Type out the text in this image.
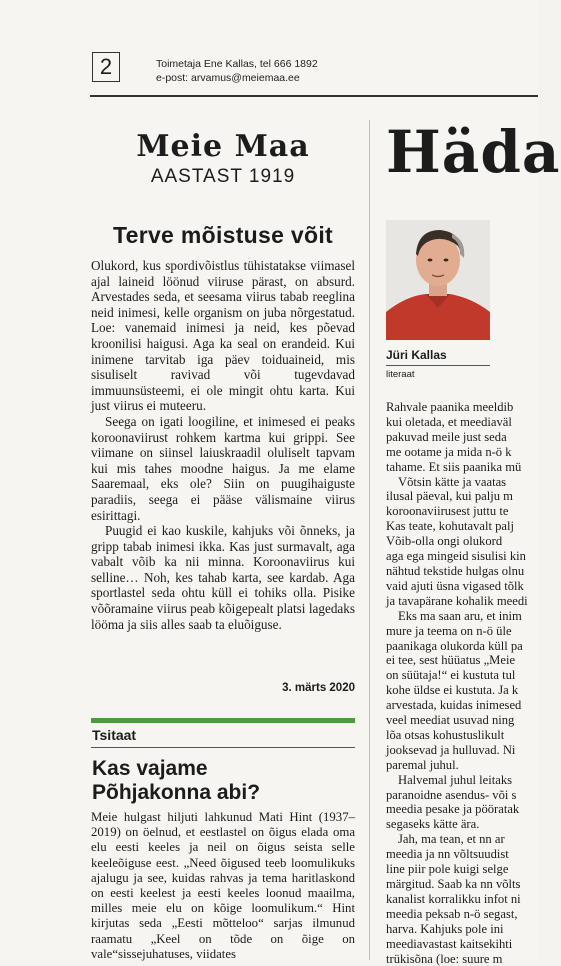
2	Toimetaja Ene Kallas, tel 666 1892
e-post: arvamus@meiemaa.ee
Meie Maa
AASTAST 1919
Terve mõistuse võit

Olukord, kus spordivõistlus tühistatakse viimasel ajal laineid löönud viiruse pärast, on absurd. Arvestades seda, et seesama viirus tabab reeglina neid inimesi, kelle organism on juba nõrgestatud. Loe: vanemaid inimesi ja neid, kes põevad kroonilisi haigusi. Aga ka seal on erandeid. Kui inimene tarvitab iga päev toiduaineid, mis sisuliselt ravivad või tugevdavad immuunsüsteemi, ei ole mingit ohtu karta. Kui just viirus ei muteeru.

Seega on igati loogiline, et inimesed ei peaks koroonaviirust rohkem kartma kui grippi. See viimane on siinsel laiuskraadil oluliselt tapvam kui mis tahes moodne haigus. Ja me elame Saaremaal, eks ole? Siin on puugihaiguste paradiis, seega ei pääse välismaine viirus esirittagi.

Puugid ei kao kuskile, kahjuks või õnneks, ja gripp tabab inimesi ikka. Kas just surmavalt, aga vabalt võib ka nii minna. Koroonaviirus kui selline… Noh, kes tahab karta, see kardab. Aga sportlastel seda ohtu küll ei tohiks olla. Pisike võõramaine viirus peab kõigepealt platsi lagedaks lööma ja siis alles saab ta eluõiguse.

3. märts 2020
Tsitaat
Kas vajame
Põhjakonna abi?

Meie hulgast hiljuti lahkunud Mati Hint (1937–2019) on öelnud, et eestlastel on õigus elada oma elu eesti keeles ja neil on õigus seista selle keeleõiguse eest. „Need õigused teeb loomulikuks ajalugu ja see, kuidas rahvas ja tema haritlaskond on eesti keelest ja eesti keeles loonud maailma, milles meie elu on kõige loomulikum.“ Hint kirjutas seda „Eesti mõtteloo“ sarjas ilmunud raamatu „Keel on tõde on õige on vale“sissejuhatuses, viidates

Häda
Jüri Kallas
literaat

Rahvale paanika meeldib

kui oletada, et meediaväl

pakuvad meile just seda

me ootame ja mida n-ö k

tahame. Et siis paanika mü

Võtsin kätte ja vaatas

ilusal päeval, kui palju m

koroonaviirusest juttu te

Kas teate, kohutavalt palj

Võib-olla ongi olukord

aga ega mingeid sisulisi kin

nähtud tekstide hulgas olnu

vaid ajuti üsna vigased tõlk

ja tavapärane kohalik meedi

Eks ma saan aru, et inim

mure ja teema on n-ö üle

paanikaga olukorda küll pa

ei tee, sest hüüatus „Meie

on süütaja!“ ei kustuta tul

kohe üldse ei kustuta. Ja k

arvestada, kuidas inimesed

veel meediat usuvad ning

lõa otsas kohustuslikult

jooksevad ja hulluvad. Ni

paremal juhul.

Halvemal juhul leitaks

paranoidne asendus- või s

meedia pesake ja pööratak

segaseks kätte ära.

Jah, ma tean, et nn ar

meedia ja nn võltsuudist

line piir pole kuigi selge

märgitud. Saab ka nn võlts

kanalist korralikku infot ni

meedia peksab n-ö segast,

harva. Kahjuks pole ini

meediavastast kaitsekihti

trükisõna (loe: suure m
